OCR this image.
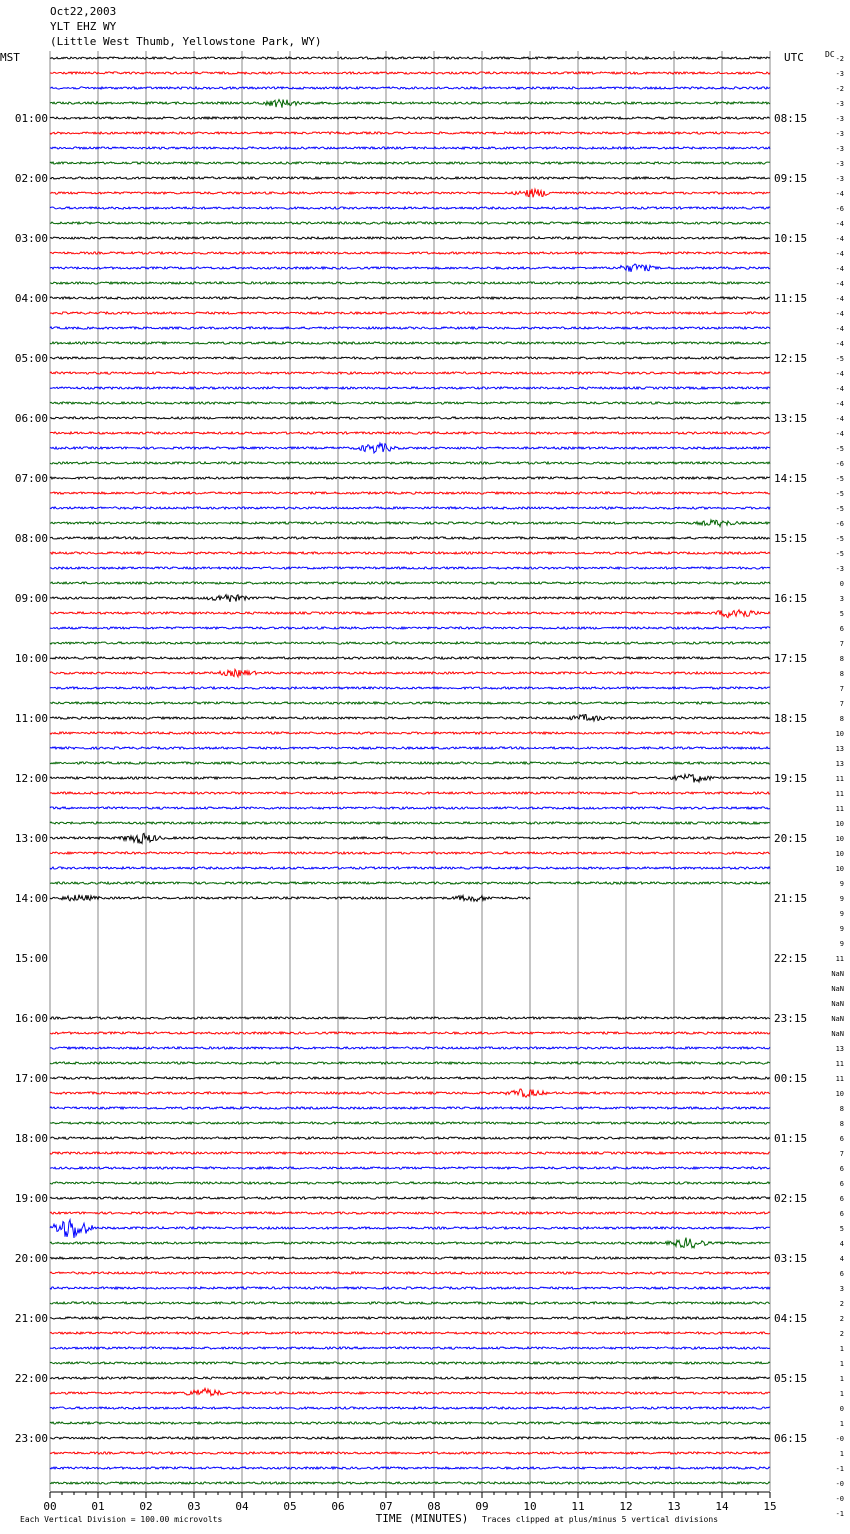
Oct22,2003
YLT EHZ WY
(Little West Thumb, Yellowstone Park, WY)
MST	UTC	DC
01:00
02:00
03:00
04:00
05:00
06:00
07:00
08:00
09:00
10:00
11:00
12:00
13:00
14:00
15:00
16:00
17:00
18:00
19:00
20:00
21:00
22:00
23:00
08:15
09:15
10:15
11:15
12:15
13:15
14:15
15:15
16:15
17:15
18:15
19:15
20:15
21:15
22:15
23:15
00:15
01:15
02:15
03:15
04:15
05:15
06:15
-2
-3
-2
-3
-3
-3
-3
-3
-3
-4
-6
-4
-4
-4
-4
-4
-4
-4
-4
-4
-5
-4
-4
-4
-4
-4
-5
-6
-5
-5
-5
-6
-5
-5
-3
0
3
5
6
7
8
8
7
7
8
10
13
13
11
11
11
10
10
10
10
9
9
9
9
9
11
NaN
NaN
NaN
NaN
NaN
13
11
11
10
8
8
6
7
6
6
6
6
5
4
4
6
3
2
2
2
1
1
1
1
0
1
-0
1
-1
-0
-0
-1
00	01	02	03	04	05	06	07	08	09	10	11	12	13	14	15
TIME (MINUTES)
Each Vertical Division = 100.00 microvolts	Traces clipped at plus/minus 5 vertical divisions
